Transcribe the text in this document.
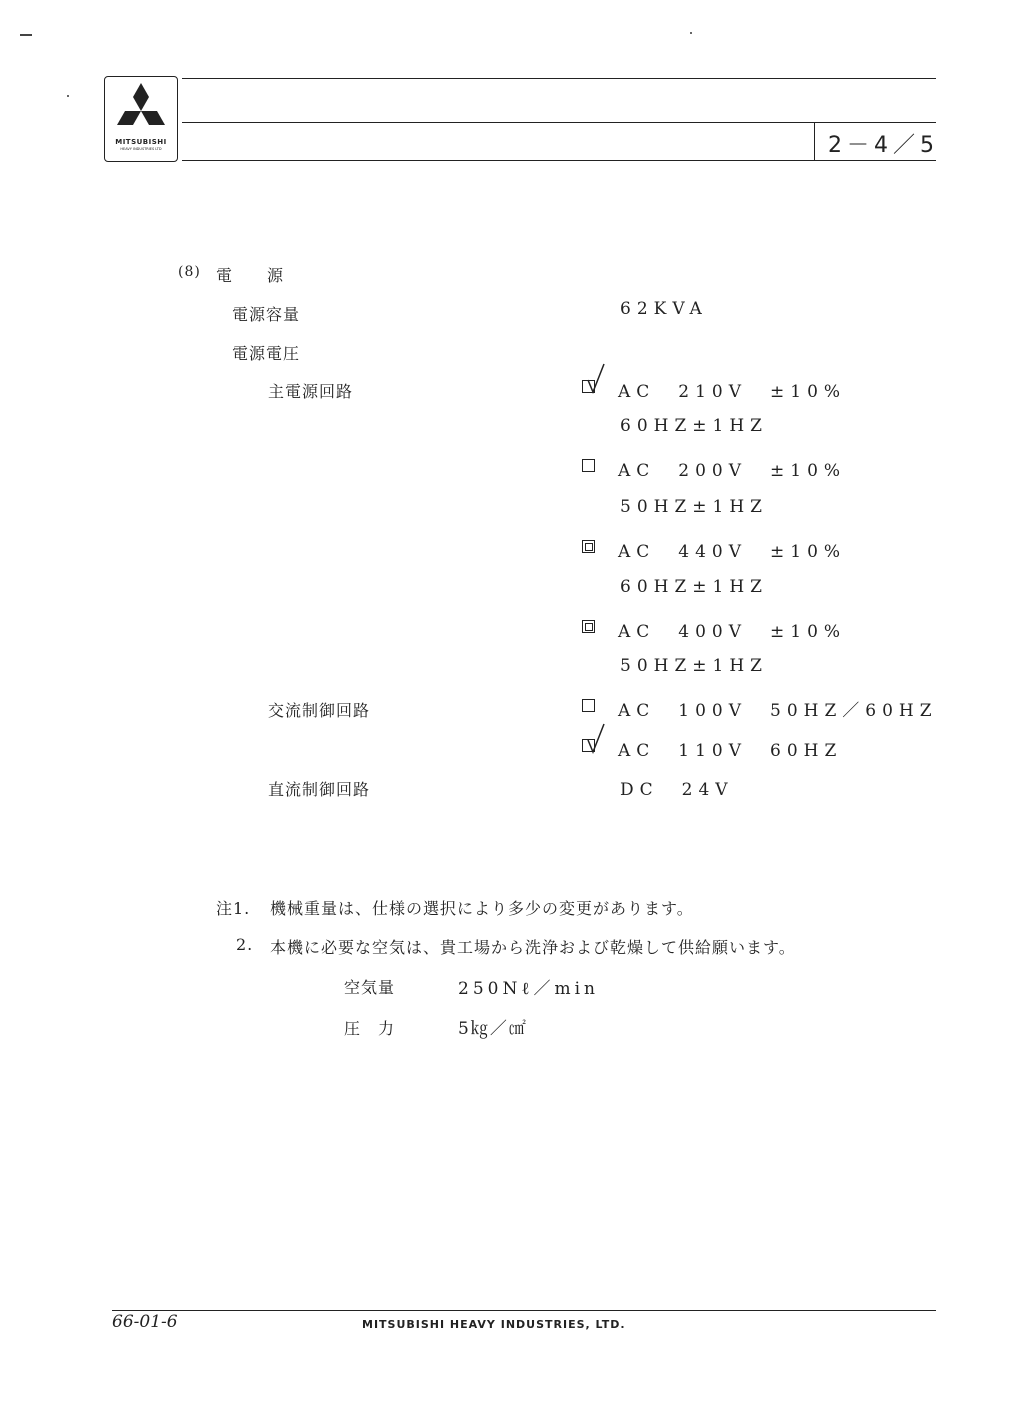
MITSUBISHI
HEAVY INDUSTRIES LTD	2－4／5
(8) 電　　源
電源容量	62KVA
電源電圧
主電源回路	AC　210V　±10%
60HZ±1HZ
AC　200V　±10%
50HZ±1HZ
AC　440V　±10%
60HZ±1HZ
AC　400V　±10%
50HZ±1HZ
交流制御回路	AC　100V　50HZ／60HZ
AC　110V　60HZ
直流制御回路	DC　24V
注1. 機械重量は、仕様の選択により多少の変更があります。
2. 本機に必要な空気は、貴工場から洗浄および乾燥して供給願います。
空気量	250Nℓ／min
圧　力	5㎏／㎠
66-01-6	MITSUBISHI HEAVY INDUSTRIES, LTD.
